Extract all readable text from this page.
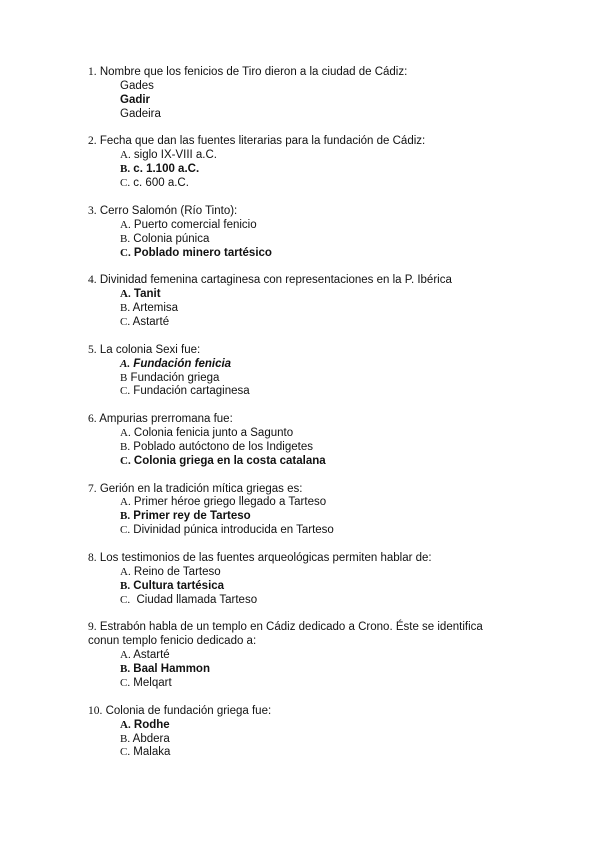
1. Nombre que los fenicios de Tiro dieron a la ciudad de Cádiz:
Gades
Gadir
Gadeira
2. Fecha que dan las fuentes literarias para la fundación de Cádiz:
A. siglo IX-VIII a.C.
B. c. 1.100 a.C.
C. c. 600 a.C.
3. Cerro Salomón (Río Tinto):
A. Puerto comercial fenicio
B. Colonia púnica
C. Poblado minero tartésico
4. Divinidad femenina cartaginesa con representaciones en la P. Ibérica
A. Tanit
B. Artemisa
C. Astarté
5. La colonia Sexi fue:
A. Fundación fenicia
B Fundación griega
C. Fundación cartaginesa
6. Ampurias prerromana fue:
A. Colonia fenicia junto a Sagunto
B. Poblado autóctono de los Indigetes
C. Colonia griega en la costa catalana
7. Gerión en la tradición mítica griegas es:
A. Primer héroe griego llegado a Tarteso
B. Primer rey de Tarteso
C. Divinidad púnica introducida en Tarteso
8. Los testimonios de las fuentes arqueológicas permiten hablar de:
A. Reino de Tarteso
B. Cultura tartésica
C.  Ciudad llamada Tarteso
9. Estrabón habla de un templo en Cádiz dedicado a Crono. Éste se identifica
conun templo fenicio dedicado a:
A. Astarté
B. Baal Hammon
C. Melqart
10. Colonia de fundación griega fue:
A. Rodhe
B. Abdera
C. Malaka
